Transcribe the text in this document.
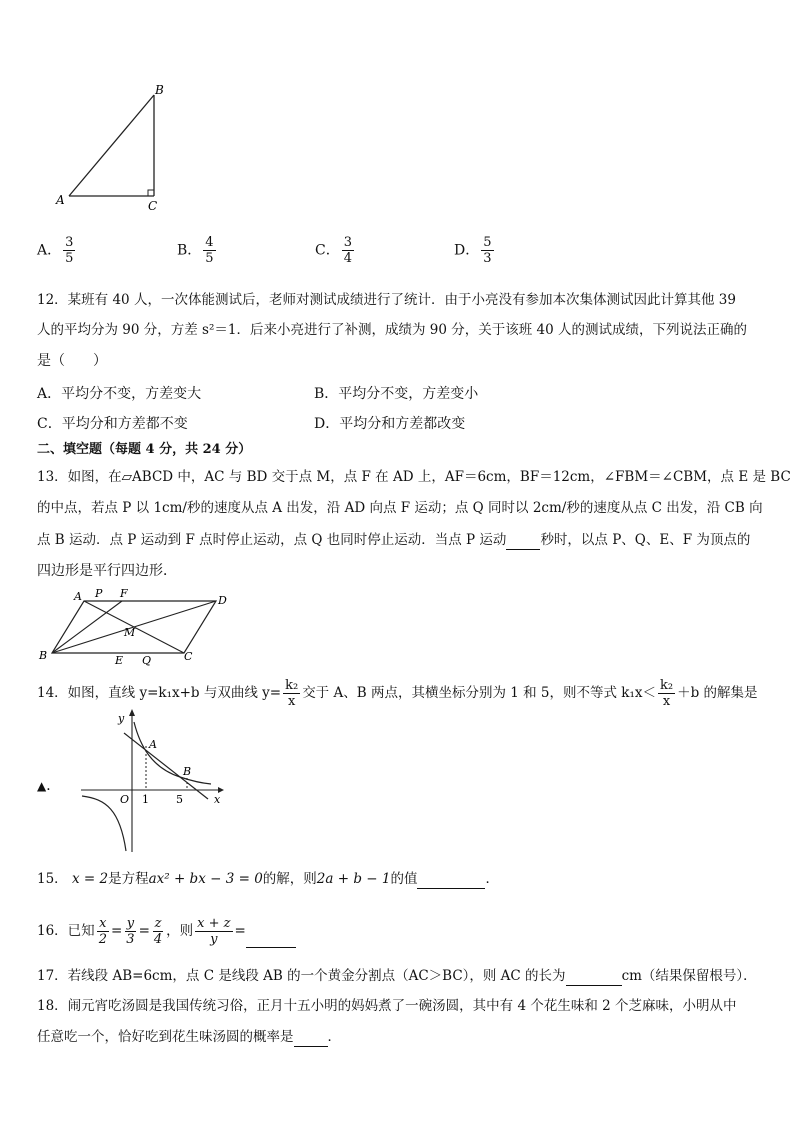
B
A	C
A． $\frac{3}{5}$	B． $\frac{4}{5}$	C． $\frac{3}{4}$	D． $\frac{5}{3}$
12．某班有 40 人，一次体能测试后，老师对测试成绩进行了统计．由于小亮没有参加本次集体测试因此计算其他 39
人的平均分为 90 分，方差 s²＝1．后来小亮进行了补测，成绩为 90 分，关于该班 40 人的测试成绩，下列说法正确的
是（　　）
A．平均分不变，方差变大	B．平均分不变，方差变小
C．平均分和方差都不变	D．平均分和方差都改变
二、填空题（每题 4 分，共 24 分）
13．如图，在▱ABCD 中，AC 与 BD 交于点 M，点 F 在 AD 上，AF＝6cm，BF＝12cm，∠FBM＝∠CBM，点 E 是 BC
的中点，若点 P 以 1cm/秒的速度从点 A 出发，沿 AD 向点 F 运动；点 Q 同时以 2cm/秒的速度从点 C 出发，沿 CB 向
点 B 运动．点 P 运动到 F 点时停止运动，点 Q 也同时停止运动．当点 P 运动	秒时，以点 P、Q、E、F 为顶点的
四边形是平行四边形．
A P F
D
M
B	E Q	C
14．如图，直线 y=k₁x+b 与双曲线 $y= \frac{\text{k₂}}{x}$ 交于 A、B 两点，其横坐标分别为 1 和 5，则不等式 $k_1x< \frac{\text{k₂}}{x} +b$ 的解集是
▲．
y
x
A
B
O 1 5
15． x = 2是方程ax² + bx − 3 = 0的解，则2a + b − 1的值	．
16．已知 $\frac{x}{2} = \frac{y}{3} = \frac{z}{4}$ ，则 $\frac{x + z}{y}$ =
17．若线段 AB=6cm，点 C 是线段 AB 的一个黄金分割点（AC＞BC），则 AC 的长为	cm（结果保留根号）．
18．闹元宵吃汤圆是我国传统习俗，正月十五小明的妈妈煮了一碗汤圆，其中有 4 个花生味和 2 个芝麻味，小明从中
任意吃一个，恰好吃到花生味汤圆的概率是	．
